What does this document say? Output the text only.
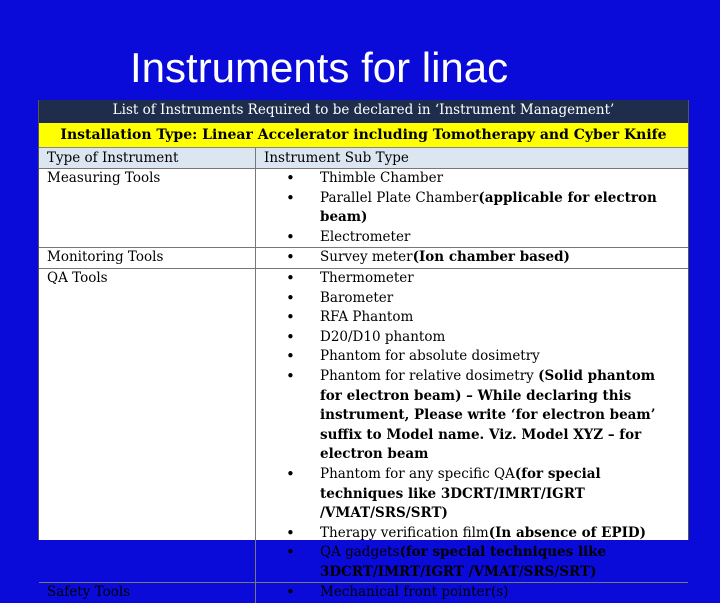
Instruments for linac
List of Instruments Required to be declared in ‘Instrument Management’
Installation Type: Linear Accelerator including Tomotherapy and Cyber Knife
Type of Instrument	Instrument Sub Type
Measuring Tools	• Thimble Chamber
• Parallel Plate Chamber(applicable for electron beam)
• Electrometer
Monitoring Tools	• Survey meter(Ion chamber based)
QA Tools	• Thermometer
• Barometer
• RFA Phantom
• D20/D10 phantom
• Phantom for absolute dosimetry
• Phantom for relative dosimetry (Solid phantom for electron beam) – While declaring this instrument, Please write ‘for electron beam’ suffix to Model name. Viz. Model XYZ – for electron beam
• Phantom for any specific QA(for special techniques like 3DCRT/IMRT/IGRT /VMAT/SRS/SRT)
• Therapy verification film(In absence of EPID)
• QA gadgets(for special techniques like 3DCRT/IMRT/IGRT /VMAT/SRS/SRT)
Safety Tools	• Mechanical front pointer(s)
